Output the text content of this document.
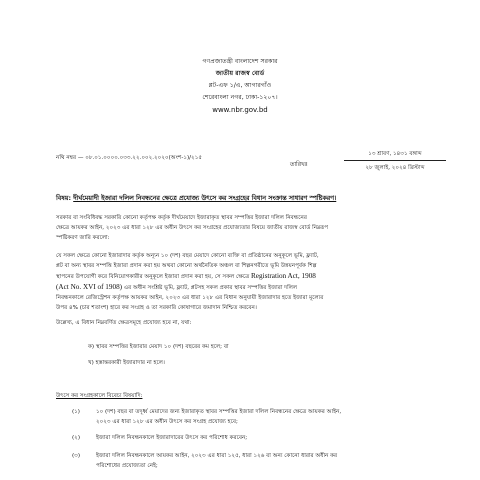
গণপ্রজাতন্ত্রী বাংলাদেশ সরকার
জাতীয় রাজস্ব বোর্ড
প্লট-এফ ১/এ, আগারগাঁও
শেরেবাংলা নগর, ঢাকা-১২০৭।
www.nbr.gov.bd
নথি নম্বর — ০৮.০১.০০০০.০৩৩.২২.০০২.২০২০(অংশ-১)/২১৫
তারিখঃ
১৩ শ্রাবণ, ১৪৩১ বঙ্গাব্দ
২৮ জুলাই, ২০২৪ খ্রিস্টাব্দ
বিষয়: দীর্ঘমেয়াদী ইজারা দলিল নিবন্ধনের ক্ষেত্রে প্রযোজ্য উৎসে কর সংগ্রহের বিধান সংক্রান্ত সাধারণ স্পষ্টিকরণ।
সরকার বা সংবিধিবদ্ধ সরকারি কোনো কর্তৃপক্ষ কর্তৃক দীর্ঘমেয়াদে ইজারাকৃত স্থাবর সম্পত্তির ইজারা দলিল নিবন্ধনের
ক্ষেত্রে আয়কর আইন, ২০২৩ এর ধারা ১২৮ এর অধীন উৎসে কর সংগ্রহের প্রযোজ্যতার বিষয়ে জাতীয় রাজস্ব বোর্ড নিম্নরূপ
স্পষ্টিকরণ জারি করলো:
যে সকল ক্ষেত্রে কোনো ইজারাদার কর্তৃক অন্যূন ১০ (দশ) বছর মেয়াদে কোনো ব্যক্তি বা প্রতিষ্ঠানের অনুকূলে ভূমি, ফ্ল্যাট,
প্লট বা অন্য স্থাবর সম্পত্তি ইজারা প্রদান করা হয় অথবা কোনো অর্থনৈতিক অঞ্চল বা শিল্পনগরীতে ভূমি উন্নয়নপূর্বক শিল্প
স্থাপনের উপযোগী করে বিনিয়োগকারীর অনুকূলে ইজারা প্রদান করা হয়, সে সকল ক্ষেত্রে Registration Act, 1908
(Act No. XVI of 1908) এর অধীন সংশ্লিষ্ট ভূমি, ফ্ল্যাট, প্লটসহ সকল প্রকার স্থাবর সম্পত্তির ইজারা দলিল
নিবন্ধনকালে রেজিস্ট্রেশন কর্তৃপক্ষ আয়কর আইন, ২০২৩ এর ধারা ১২৮ এর বিধান অনুযায়ী ইজারাদার হতে ইজারা মূল্যের
উপর ৪% (চার শতাংশ) হারে কর সংগ্রহ ও তা সরকারি কোষাগারে জমাদান নিশ্চিত করবেন।
উল্লেখ্য, এ বিধান নিম্নবর্ণিত ক্ষেত্রসমূহে প্রযোজ্য হবে না, যথা:
ক) স্থাবর সম্পত্তির ইজারার মেয়াদ ১০ (দশ) বছরের কম হলে; বা
খ) হস্তান্তরকারী ইজারাদার না হলে।
উৎসে কর সংগ্রহকালে বিবেচ্য বিষয়াদি:
(১)	১০ (দশ) বছর বা তদূর্ধ্ব মেয়াদের জন্য ইজারাকৃত স্থাবর সম্পত্তির ইজারা দলিল নিবন্ধনের ক্ষেত্রে আয়কর আইন,
২০২৩ এর ধারা ১২৮ এর অধীন উৎসে কর সংগ্রহ প্রযোজ্য হবে;
(২)	ইজারা দলিল নিবন্ধনকালে ইজারাদারের উৎসে কর পরিশোধ করবেন;
(৩)	ইজারা দলিল নিবন্ধনকালে আয়কর আইন, ২০২৩ এর ধারা ১২৫, ধারা ১২৬ বা অন্য কোনো ধারার অধীন কর
পরিশোধের প্রযোজ্যতা নেই;
